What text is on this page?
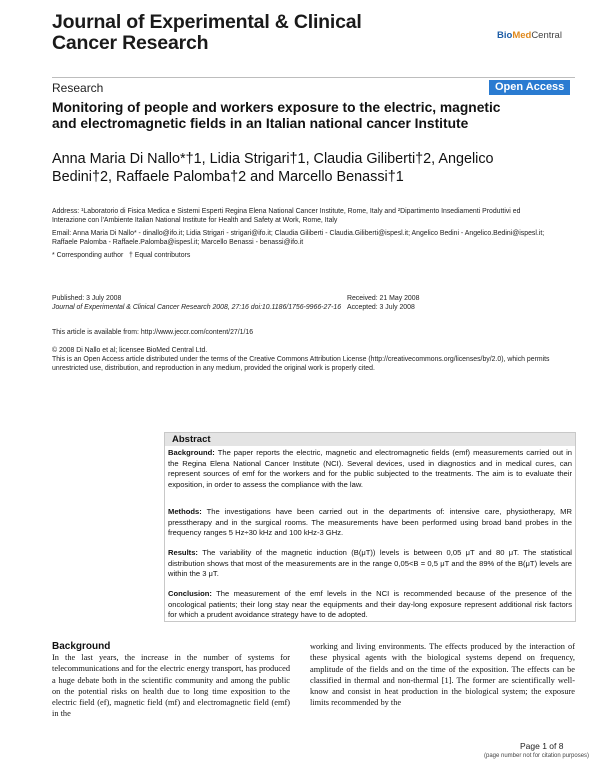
Journal of Experimental & Clinical
Cancer Research	BioMedCentral
Research	Open Access
Monitoring of people and workers exposure to the electric, magnetic and electromagnetic fields in an Italian national cancer Institute
Anna Maria Di Nallo*†1, Lidia Strigari†1, Claudia Giliberti†2, Angelico Bedini†2, Raffaele Palomba†2 and Marcello Benassi†1
Address: ¹Laboratorio di Fisica Medica e Sistemi Esperti Regina Elena National Cancer Institute, Rome, Italy and ²Dipartimento Insediamenti Produttivi ed Interazione con l'Ambiente Italian National Institute for Health and Safety at Work, Rome, Italy
Email: Anna Maria Di Nallo* - dinallo@ifo.it; Lidia Strigari - strigari@ifo.it; Claudia Giliberti - Claudia.Giliberti@ispesl.it; Angelico Bedini - Angelico.Bedini@ispesl.it; Raffaele Palomba - Raffaele.Palomba@ispesl.it; Marcello Benassi - benassi@ifo.it
* Corresponding author † Equal contributors
Published: 3 July 2008
Journal of Experimental & Clinical Cancer Research 2008, 27:16 doi:10.1186/1756-9966-27-16
Received: 21 May 2008
Accepted: 3 July 2008
This article is available from: http://www.jeccr.com/content/27/1/16
© 2008 Di Nallo et al; licensee BioMed Central Ltd.
This is an Open Access article distributed under the terms of the Creative Commons Attribution License (http://creativecommons.org/licenses/by/2.0), which permits unrestricted use, distribution, and reproduction in any medium, provided the original work is properly cited.
Abstract
Background: The paper reports the electric, magnetic and electromagnetic fields (emf) measurements carried out in the Regina Elena National Cancer Institute (NCI). Several devices, used in diagnostics and in medical cures, can represent sources of emf for the workers and for the public subjected to the treatments. The aim is to evaluate their exposition, in order to assess the compliance with the law.
Methods: The investigations have been carried out in the departments of: intensive care, physiotherapy, MR presstherapy and in the surgical rooms. The measurements have been performed using broad band probes in the frequency ranges 5 Hz÷30 kHz and 100 kHz-3 GHz.
Results: The variability of the magnetic induction (B(μT)) levels is between 0,05 μT and 80 μT. The statistical distribution shows that most of the measurements are in the range 0,05<B = 0,5 μT and the 89% of the B(μT) levels are within the 3 μT.
Conclusion: The measurement of the emf levels in the NCI is recommended because of the presence of the oncological patients; their long stay near the equipments and their day-long exposure represent additional risk factors for which a prudent avoidance strategy have to de adopted.
Background
In the last years, the increase in the number of systems for telecommunications and for the electric energy transport, has produced a huge debate both in the scientific community and among the public on the potential risks on health due to long time exposition to the electric field (ef), magnetic field (mf) and electromagnetic field (emf) in the
working and living environments. The effects produced by the interaction of these physical agents with the biological systems depend on frequency, amplitude of the fields and on the time of the exposition. The effects can be classified in thermal and non-thermal [1]. The former are scientifically well-know and consist in heat production in the biological system; the exposure limits recommended by the
Page 1 of 8
(page number not for citation purposes)
